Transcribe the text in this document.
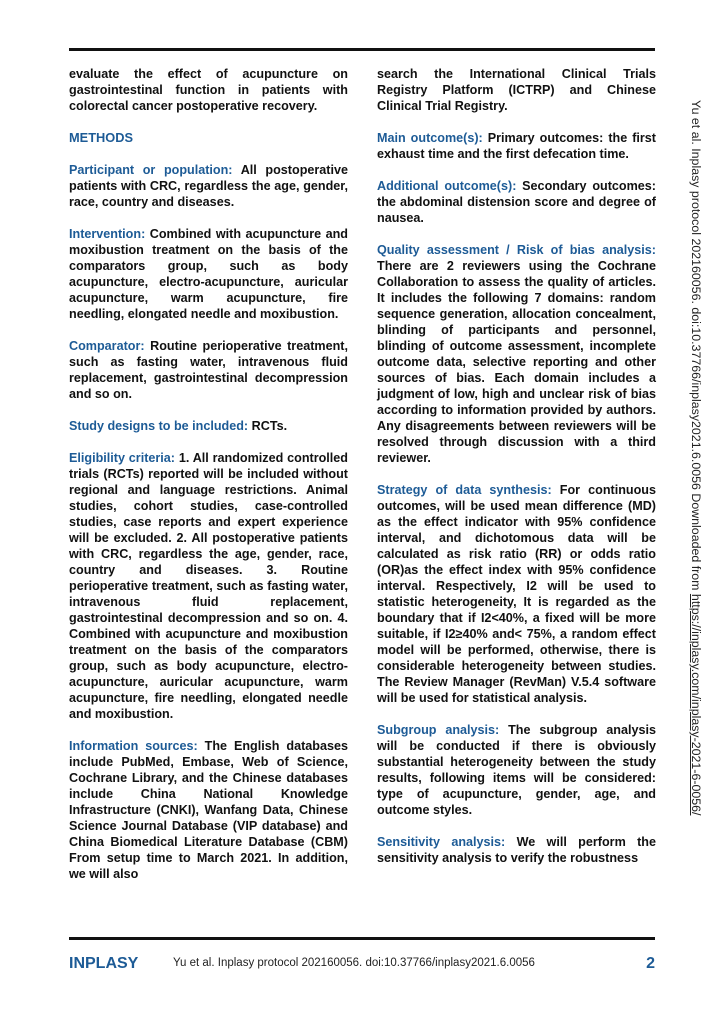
evaluate the effect of acupuncture on gastrointestinal function in patients with colorectal cancer postoperative recovery.

METHODS

Participant or population: All postoperative patients with CRC, regardless the age, gender, race, country and diseases.

Intervention: Combined with acupuncture and moxibustion treatment on the basis of the comparators group, such as body acupuncture, electro-acupuncture, auricular acupuncture, warm acupuncture, fire needling, elongated needle and moxibustion.

Comparator: Routine perioperative treatment, such as fasting water, intravenous fluid replacement, gastrointestinal decompression and so on.

Study designs to be included: RCTs.

Eligibility criteria: 1. All randomized controlled trials (RCTs) reported will be included without regional and language restrictions. Animal studies, cohort studies, case-controlled studies, case reports and expert experience will be excluded. 2. All postoperative patients with CRC, regardless the age, gender, race, country and diseases. 3. Routine perioperative treatment, such as fasting water, intravenous fluid replacement, gastrointestinal decompression and so on. 4. Combined with acupuncture and moxibustion treatment on the basis of the comparators group, such as body acupuncture, electro-acupuncture, auricular acupuncture, warm acupuncture, fire needling, elongated needle and moxibustion.

Information sources: The English databases include PubMed, Embase, Web of Science, Cochrane Library, and the Chinese databases include China National Knowledge Infrastructure (CNKI), Wanfang Data, Chinese Science Journal Database (VIP database) and China Biomedical Literature Database (CBM) From setup time to March 2021. In addition, we will also

search the International Clinical Trials Registry Platform (ICTRP) and Chinese Clinical Trial Registry.

Main outcome(s): Primary outcomes: the first exhaust time and the first defecation time.

Additional outcome(s): Secondary outcomes: the abdominal distension score and degree of nausea.

Quality assessment / Risk of bias analysis: There are 2 reviewers using the Cochrane Collaboration to assess the quality of articles. It includes the following 7 domains: random sequence generation, allocation concealment, blinding of participants and personnel, blinding of outcome assessment, incomplete outcome data, selective reporting and other sources of bias. Each domain includes a judgment of low, high and unclear risk of bias according to information provided by authors. Any disagreements between reviewers will be resolved through discussion with a third reviewer.

Strategy of data synthesis: For continuous outcomes, will be used mean difference (MD) as the effect indicator with 95% confidence interval, and dichotomous data will be calculated as risk ratio (RR) or odds ratio (OR)as the effect index with 95% confidence interval. Respectively, I2 will be used to statistic heterogeneity, It is regarded as the boundary that if I2<40%, a fixed will be more suitable, if I2≥40% and< 75%, a random effect model will be performed, otherwise, there is considerable heterogeneity between studies. The Review Manager (RevMan) V.5.4 software will be used for statistical analysis.

Subgroup analysis: The subgroup analysis will be conducted if there is obviously substantial heterogeneity between the study results, following items will be considered: type of acupuncture, gender, age, and outcome styles.

Sensitivity analysis: We will perform the sensitivity analysis to verify the robustness

Yu et al. Inplasy protocol 202160056. doi:10.37766/inplasy2021.6.0056 Downloaded from https://inplasy.com/inplasy-2021-6-0056/
INPLASY	Yu et al. Inplasy protocol 202160056. doi:10.37766/inplasy2021.6.0056	2
